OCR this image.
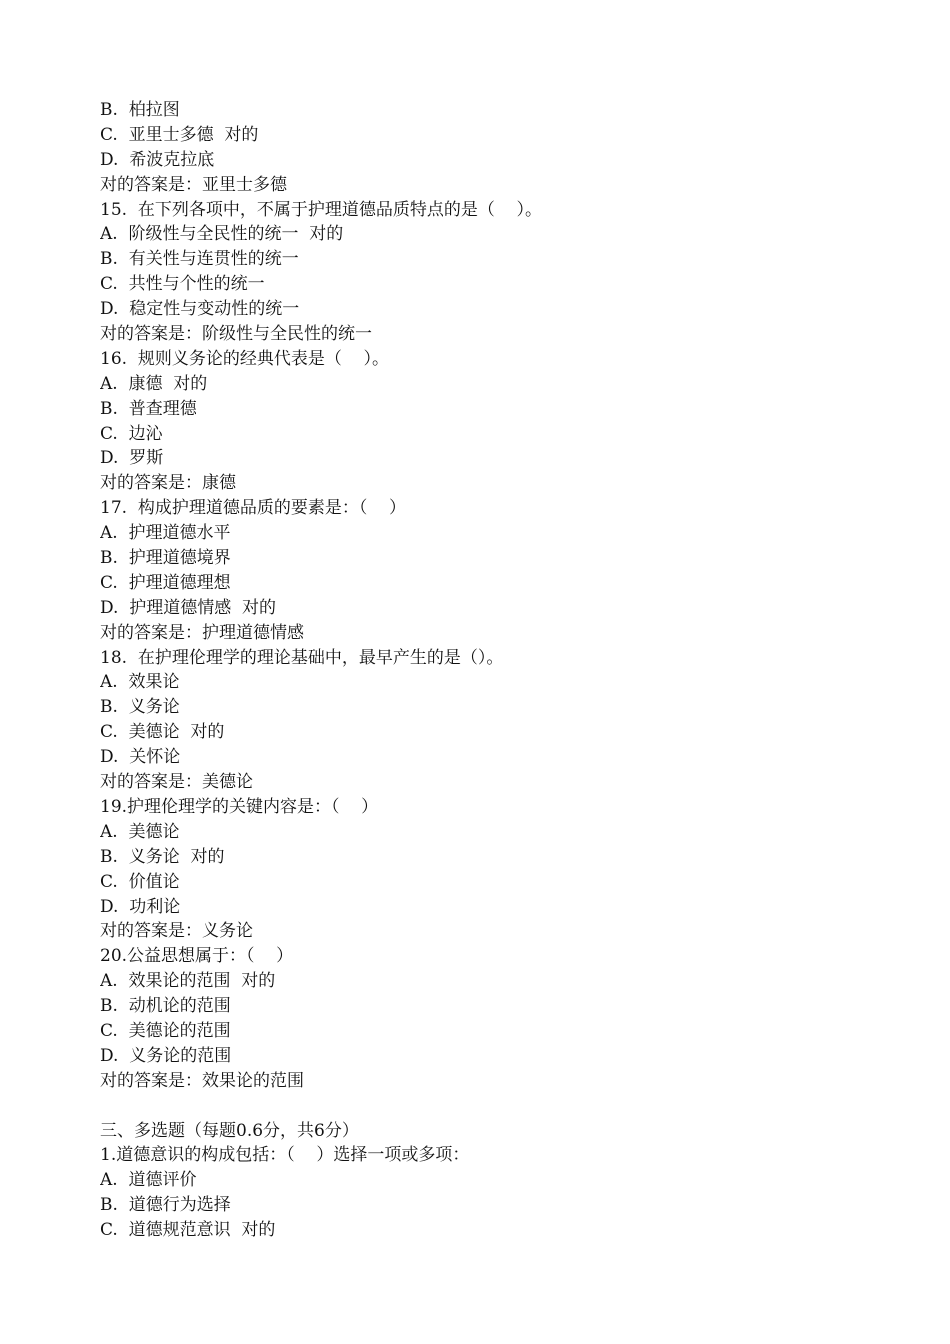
B.  柏拉图
C.  亚里士多德  对的
D.  希波克拉底
对的答案是：亚里士多德
15.  在下列各项中，不属于护理道德品质特点的是（    ）。
A.  阶级性与全民性的统一  对的
B.  有关性与连贯性的统一
C.  共性与个性的统一
D.  稳定性与变动性的统一
对的答案是：阶级性与全民性的统一
16.  规则义务论的经典代表是（    ）。
A.  康德  对的
B.  普查理德
C.  边沁
D.  罗斯
对的答案是：康德
17.  构成护理道德品质的要素是：（    ）
A.  护理道德水平
B.  护理道德境界
C.  护理道德理想
D.  护理道德情感  对的
对的答案是：护理道德情感
18.  在护理伦理学的理论基础中，最早产生的是（）。
A.  效果论
B.  义务论
C.  美德论  对的
D.  关怀论
对的答案是：美德论
19.护理伦理学的关键内容是：（    ）
A.  美德论
B.  义务论  对的
C.  价值论
D.  功利论
对的答案是：义务论
20.公益思想属于：（    ）
A.  效果论的范围  对的
B.  动机论的范围
C.  美德论的范围
D.  义务论的范围
对的答案是：效果论的范围
三、多选题（每题0.6分，共6分）
1.道德意识的构成包括：（    ）选择一项或多项：
A.  道德评价
B.  道德行为选择
C.  道德规范意识  对的
